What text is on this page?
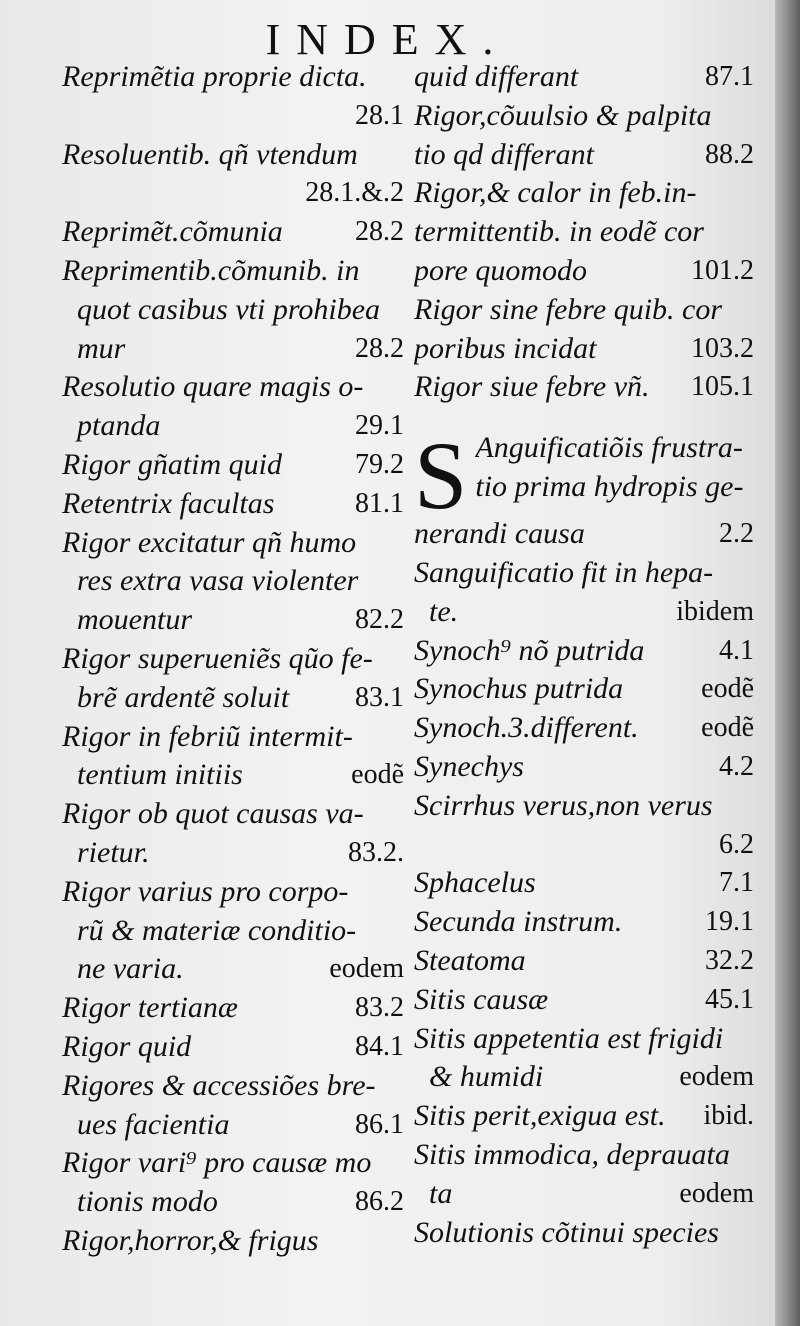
INDEX.
Reprimẽtia proprie dicta.
28.1
Resoluentib. qñ vtendum
28.1.&.2
Reprimẽt.cõmunia	28.2
Reprimentib.cõmunib. in
quot casibus vti prohibea
mur	28.2
Resolutio quare magis o-
ptanda	29.1
Rigor gñatim quid	79.2
Retentrix facultas	81.1
Rigor excitatur qñ humo
res extra vasa violenter
mouentur	82.2
Rigor superueniẽs qũo fe-
brẽ ardentẽ soluit 83.1
Rigor in febriũ intermit-
tentium initiis	eodẽ
Rigor ob quot causas va-
rietur.	83.2.
Rigor varius pro corpo-
rũ & materiæ conditio-
ne varia.	eodem
Rigor tertianæ	83.2
Rigor quid	84.1
Rigores & accessiões bre-
ues facientia	86.1
Rigor vari⁹ pro causæ mo
tionis modo	86.2
Rigor,horror,& frigus
quid differant	87.1
Rigor,cõuulsio & palpita
tio qd differant	88.2
Rigor,& calor in feb.in-
termittentib. in eodẽ cor
pore quomodo	101.2
Rigor sine febre quib. cor
poribus incidat	103.2
Rigor siue febre vñ. 105.1
S Anguificatiõis frustra-
tio prima hydropis ge-
nerandi causa	2.2
Sanguificatio fit in hepa-
te.	ibidem
Synoch⁹ nõ putrida	4.1
Synochus putrida	eodẽ
Synoch.3.different. eodẽ
Synechys	4.2
Scirrhus verus,non verus
6.2
Sphacelus	7.1
Secunda instrum.	19.1
Steatoma	32.2
Sitis causæ	45.1
Sitis appetentia est frigidi
& humidi	eodem
Sitis perit,exigua est. ibid.
Sitis immodica, deprauata
ta	eodem
Solutionis cõtinui species
